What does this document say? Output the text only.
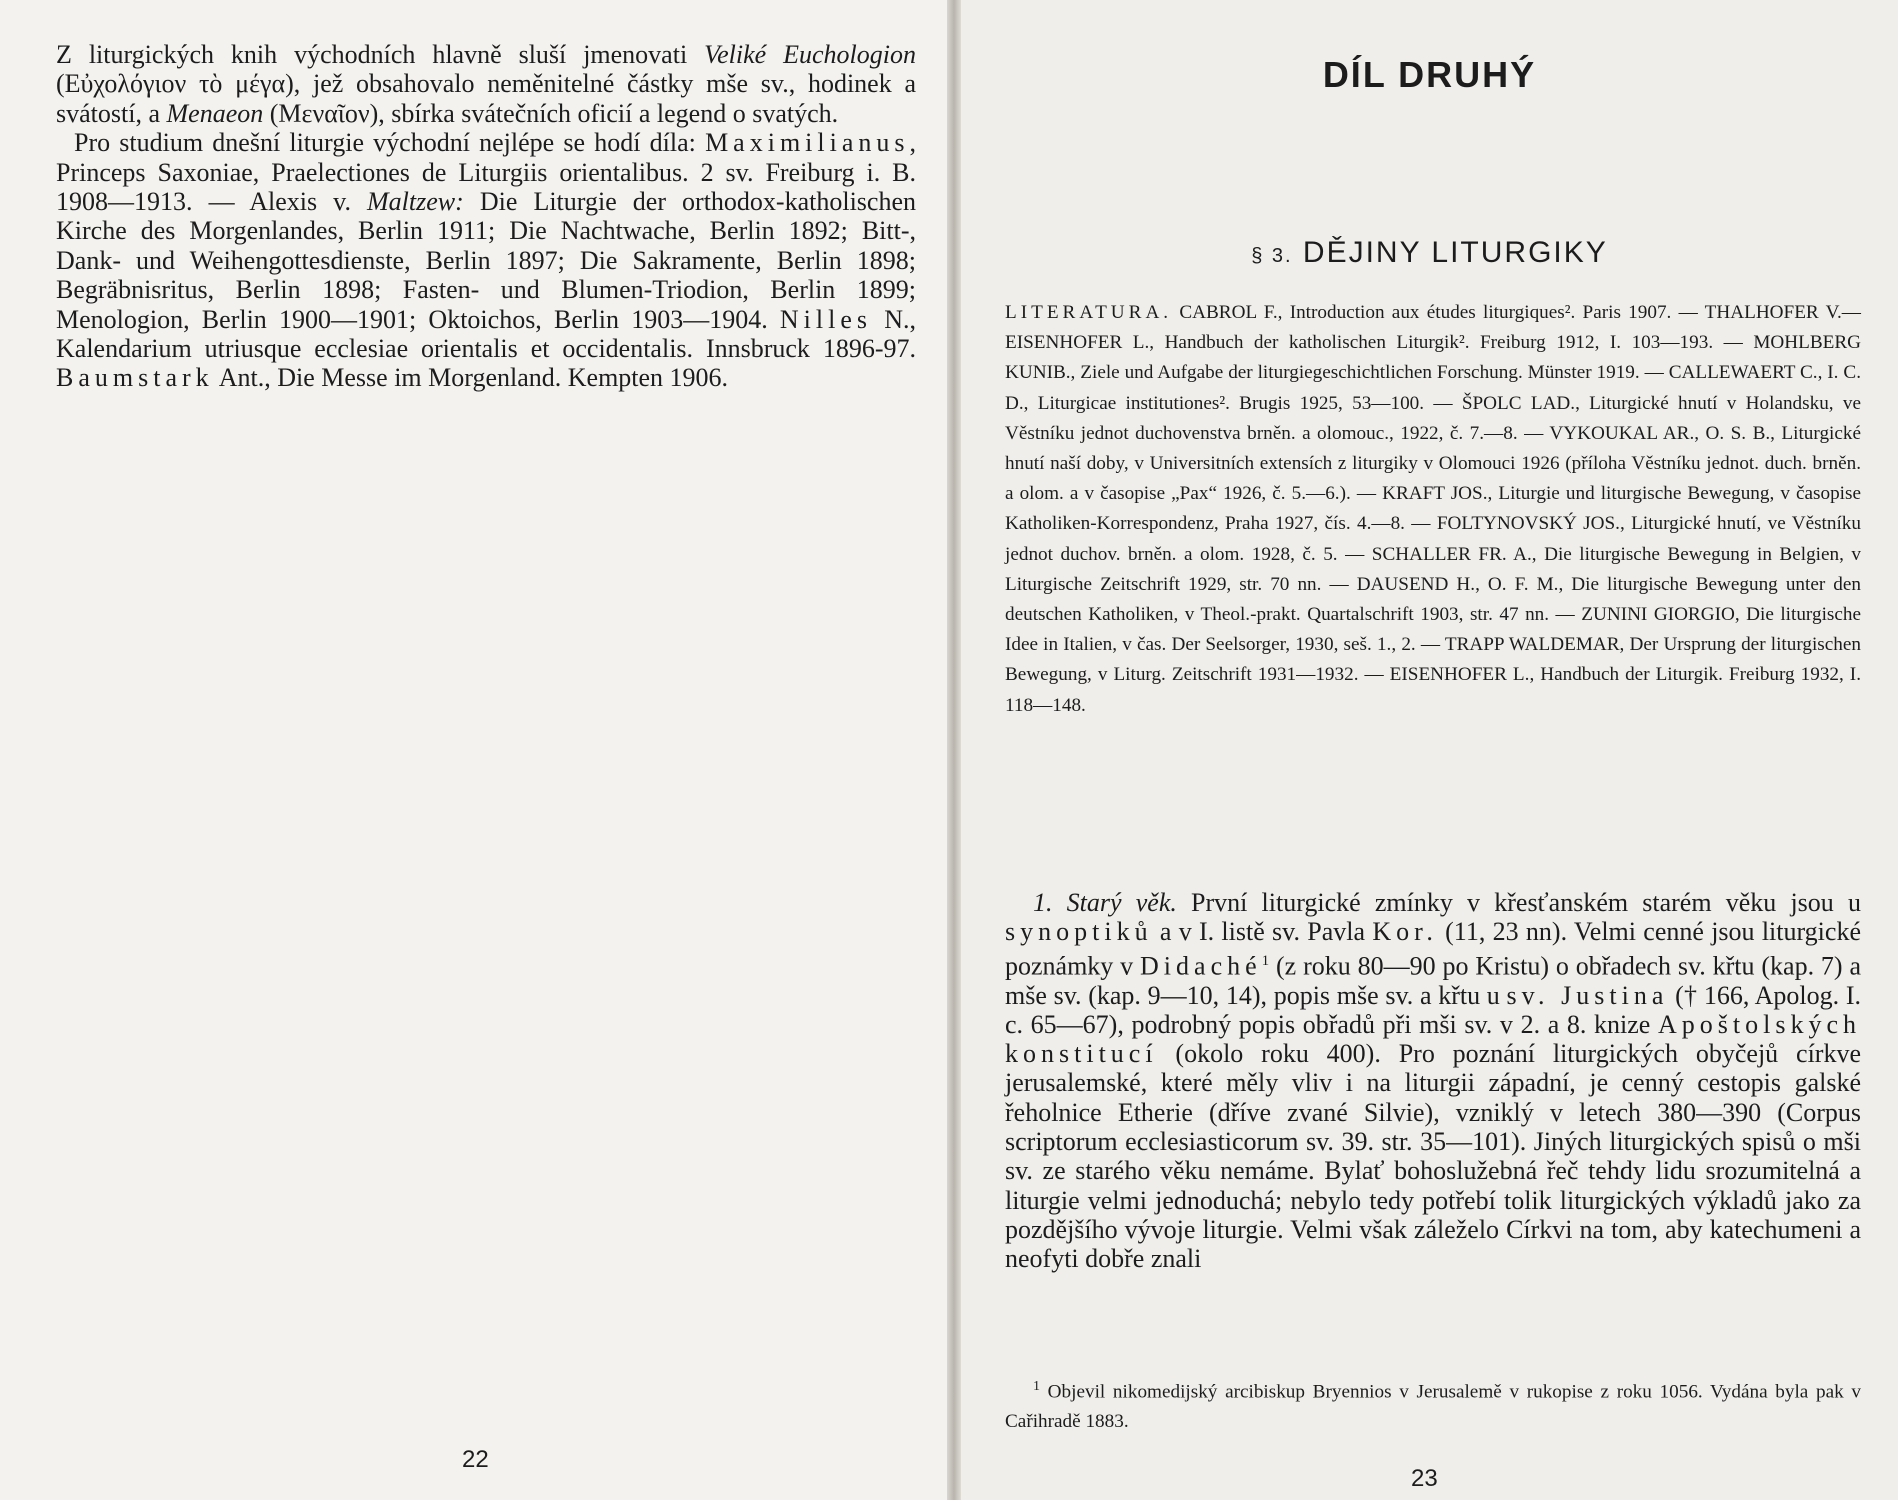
Z liturgických knih východních hlavně sluší jmenovati Veliké Euchologion (Εὐχολόγιον τὸ μέγα), jež obsahovalo neměnitelné částky mše sv., hodinek a svátostí, a Menaeon (Μεναῖον), sbírka svátečních oficií a legend o svatých.

Pro studium dnešní liturgie východní nejlépe se hodí díla: Maximilianus, Princeps Saxoniae, Praelectiones de Liturgiis orientalibus. 2 sv. Freiburg i. B. 1908—1913. — Alexis v. Maltzew: Die Liturgie der orthodox-katholischen Kirche des Morgenlandes, Berlin 1911; Die Nachtwache, Berlin 1892; Bitt-, Dank- und Weihengottesdienste, Berlin 1897; Die Sakramente, Berlin 1898; Begräbnisritus, Berlin 1898; Fasten- und Blumen-Triodion, Berlin 1899; Menologion, Berlin 1900—1901; Oktoichos, Berlin 1903—1904. Nilles N., Kalendarium utriusque ecclesiae orientalis et occidentalis. Innsbruck 1896-97. Baumstark Ant., Die Messe im Morgenland. Kempten 1906.

22
DÍL DRUHÝ
§ 3. DĚJINY LITURGIKY

LITERATURA. CABROL F., Introduction aux études liturgiques². Paris 1907. — THALHOFER V.—EISENHOFER L., Handbuch der katholischen Liturgik². Freiburg 1912, I. 103—193. — MOHLBERG KUNIB., Ziele und Aufgabe der liturgiegeschichtlichen Forschung. Münster 1919. — CALLEWAERT C., I. C. D., Liturgicae institutiones². Brugis 1925, 53—100. — ŠPOLC LAD., Liturgické hnutí v Holandsku, ve Věstníku jednot duchovenstva brněn. a olomouc., 1922, č. 7.—8. — VYKOUKAL AR., O. S. B., Liturgické hnutí naší doby, v Universitních extensích z liturgiky v Olomouci 1926 (příloha Věstníku jednot. duch. brněn. a olom. a v časopise „Pax“ 1926, č. 5.—6.). — KRAFT JOS., Liturgie und liturgische Bewegung, v časopise Katholiken-Korrespondenz, Praha 1927, čís. 4.—8. — FOLTYNOVSKÝ JOS., Liturgické hnutí, ve Věstníku jednot duchov. brněn. a olom. 1928, č. 5. — SCHALLER FR. A., Die liturgische Bewegung in Belgien, v Liturgische Zeitschrift 1929, str. 70 nn. — DAUSEND H., O. F. M., Die liturgische Bewegung unter den deutschen Katholiken, v Theol.-prakt. Quartalschrift 1903, str. 47 nn. — ZUNINI GIORGIO, Die liturgische Idee in Italien, v čas. Der Seelsorger, 1930, seš. 1., 2. — TRAPP WALDEMAR, Der Ursprung der liturgischen Bewegung, v Liturg. Zeitschrift 1931—1932. — EISENHOFER L., Handbuch der Liturgik. Freiburg 1932, I. 118—148.

1. Starý věk. První liturgické zmínky v křesťanském starém věku jsou u synoptiků a v I. listě sv. Pavla Kor. (11, 23 nn). Velmi cenné jsou liturgické poznámky v Didaché$^1$ (z roku 80—90 po Kristu) o obřadech sv. křtu (kap. 7) a mše sv. (kap. 9—10, 14), popis mše sv. a křtu u sv. Justina († 166, Apolog. I. c. 65—67), podrobný popis obřadů při mši sv. v 2. a 8. knize Apoštolských konstitucí (okolo roku 400). Pro poznání liturgických obyčejů církve jerusalemské, které měly vliv i na liturgii západní, je cenný cestopis galské řeholnice Etherie (dříve zvané Silvie), vzniklý v letech 380—390 (Corpus scriptorum ecclesiasticorum sv. 39. str. 35—101). Jiných liturgických spisů o mši sv. ze starého věku nemáme. Bylať bohoslužebná řeč tehdy lidu srozumitelná a liturgie velmi jednoduchá; nebylo tedy potřebí tolik liturgických výkladů jako za pozdějšího vývoje liturgie. Velmi však záleželo Církvi na tom, aby katechumeni a neofyti dobře znali

$^1$ Objevil nikomedijský arcibiskup Bryennios v Jerusalemě v rukopise z roku 1056. Vydána byla pak v Cařihradě 1883.

23
